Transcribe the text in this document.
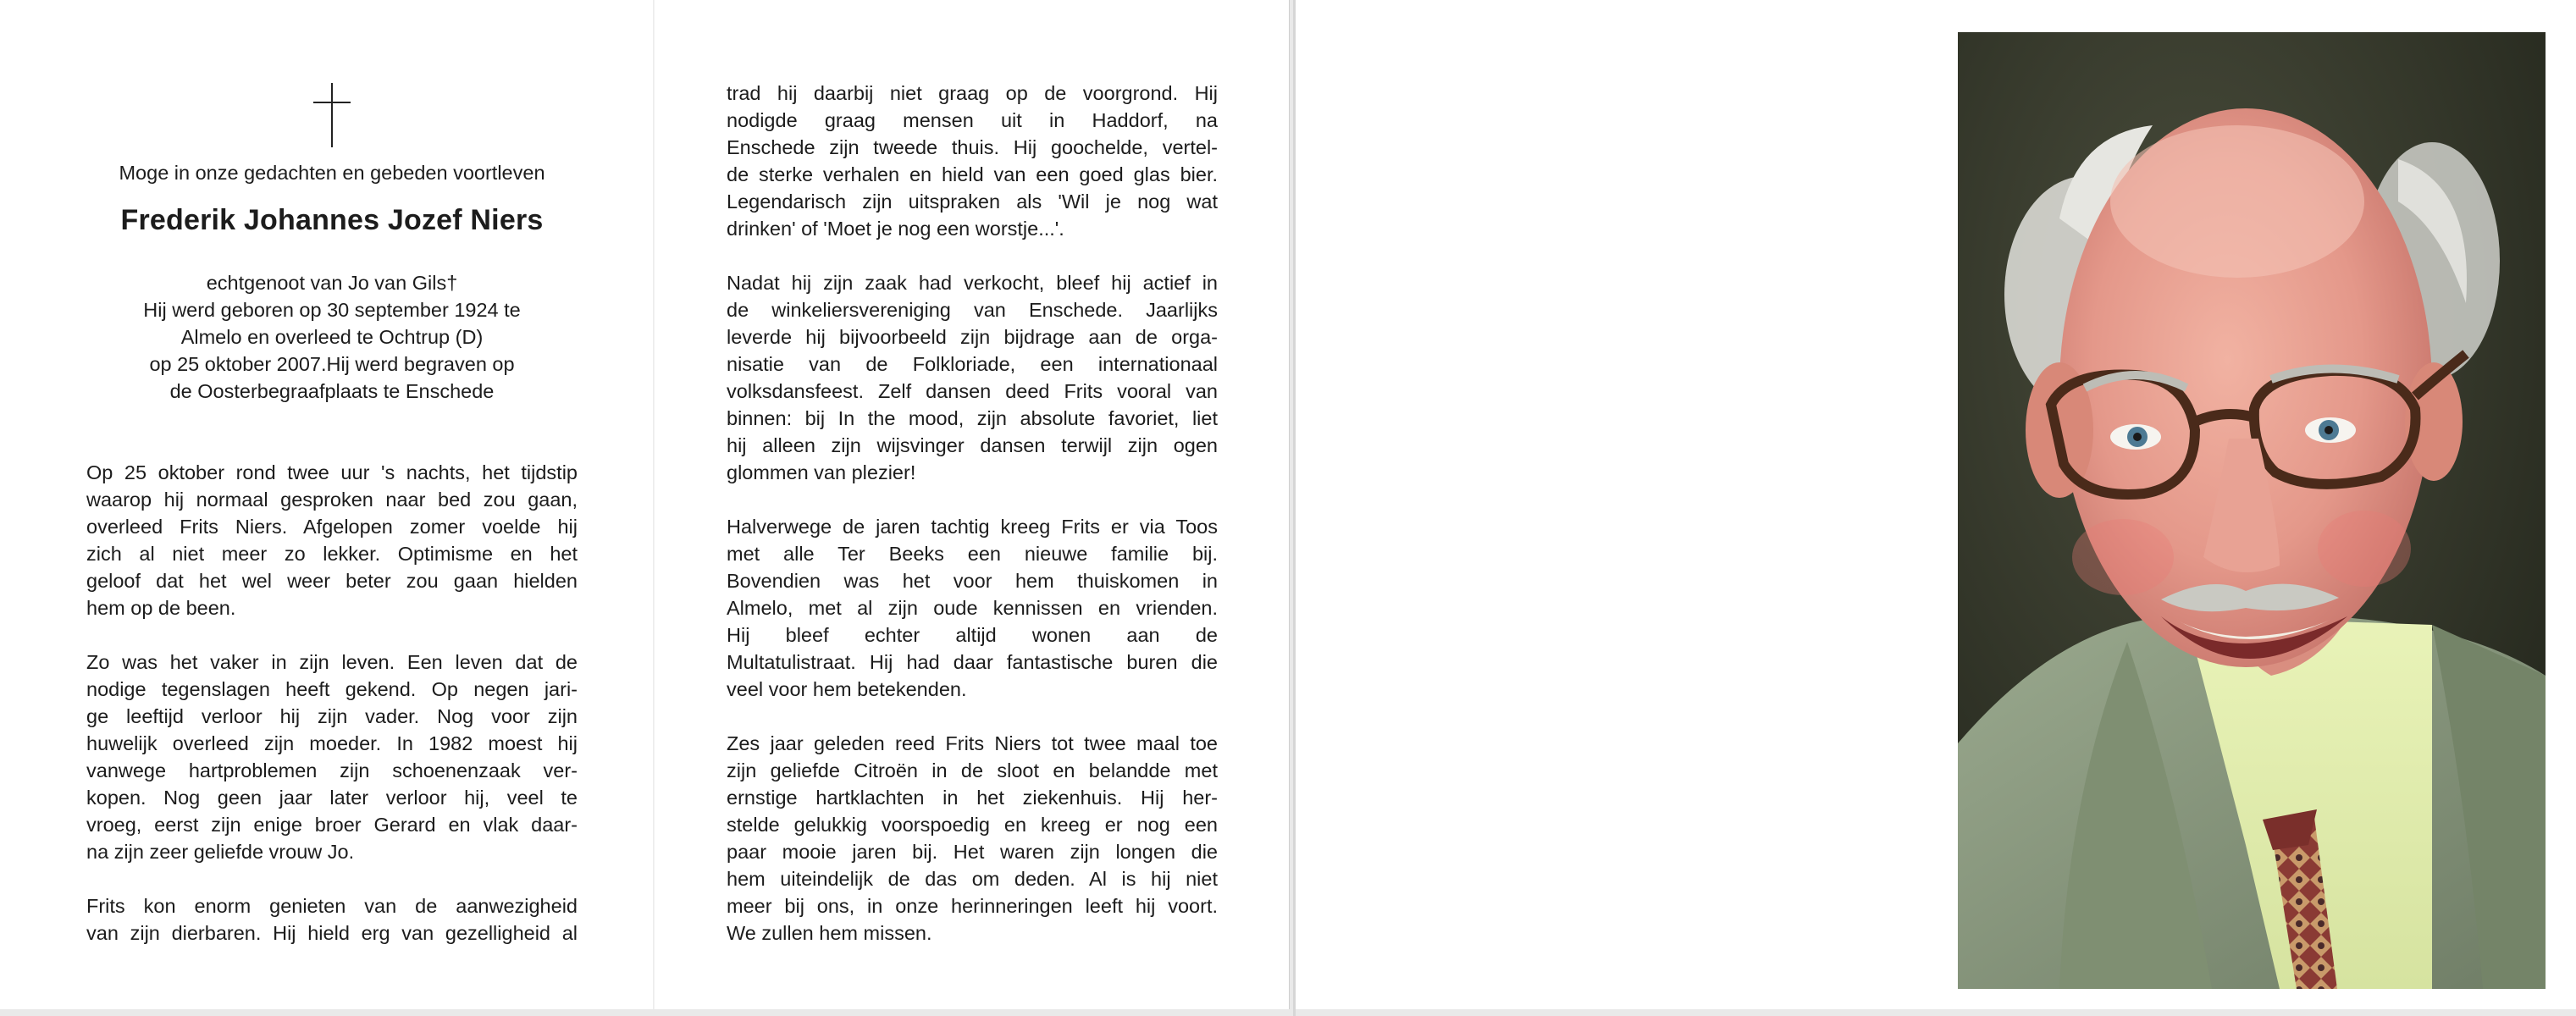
Moge in onze gedachten en gebeden voortleven
Frederik Johannes Jozef Niers
echtgenoot van Jo van Gils†
Hij werd geboren op 30 september 1924 te
Almelo en overleed te Ochtrup (D)
op 25 oktober 2007.Hij werd begraven op
de Oosterbegraafplaats te Enschede
Op 25 oktober rond twee uur 's nachts, het tijdstip
waarop hij normaal gesproken naar bed zou gaan,
overleed Frits Niers. Afgelopen zomer voelde hij
zich al niet meer zo lekker. Optimisme en het
geloof dat het wel weer beter zou gaan hielden
hem op de been.
Zo was het vaker in zijn leven. Een leven dat de
nodige tegenslagen heeft gekend. Op negen jari-
ge leeftijd verloor hij zijn vader. Nog voor zijn
huwelijk overleed zijn moeder. In 1982 moest hij
vanwege hartproblemen zijn schoenenzaak ver-
kopen. Nog geen jaar later verloor hij, veel te
vroeg, eerst zijn enige broer Gerard en vlak daar-
na zijn zeer geliefde vrouw Jo.
Frits kon enorm genieten van de aanwezigheid
van zijn dierbaren. Hij hield erg van gezelligheid al
trad hij daarbij niet graag op de voorgrond. Hij
nodigde graag mensen uit in Haddorf, na
Enschede zijn tweede thuis. Hij goochelde, vertel-
de sterke verhalen en hield van een goed glas bier.
Legendarisch zijn uitspraken als 'Wil je nog wat
drinken' of 'Moet je nog een worstje...'.
Nadat hij zijn zaak had verkocht, bleef hij actief in
de winkeliersvereniging van Enschede. Jaarlijks
leverde hij bijvoorbeeld zijn bijdrage aan de orga-
nisatie van de Folkloriade, een internationaal
volksdansfeest. Zelf dansen deed Frits vooral van
binnen: bij In the mood, zijn absolute favoriet, liet
hij alleen zijn wijsvinger dansen terwijl zijn ogen
glommen van plezier!
Halverwege de jaren tachtig kreeg Frits er via Toos
met alle Ter Beeks een nieuwe familie bij.
Bovendien was het voor hem thuiskomen in
Almelo, met al zijn oude kennissen en vrienden.
Hij bleef echter altijd wonen aan de
Multatulistraat. Hij had daar fantastische buren die
veel voor hem betekenden.
Zes jaar geleden reed Frits Niers tot twee maal toe
zijn geliefde Citroën in de sloot en belandde met
ernstige hartklachten in het ziekenhuis. Hij her-
stelde gelukkig voorspoedig en kreeg er nog een
paar mooie jaren bij. Het waren zijn longen die
hem uiteindelijk de das om deden. Al is hij niet
meer bij ons, in onze herinneringen leeft hij voort.
We zullen hem missen.
